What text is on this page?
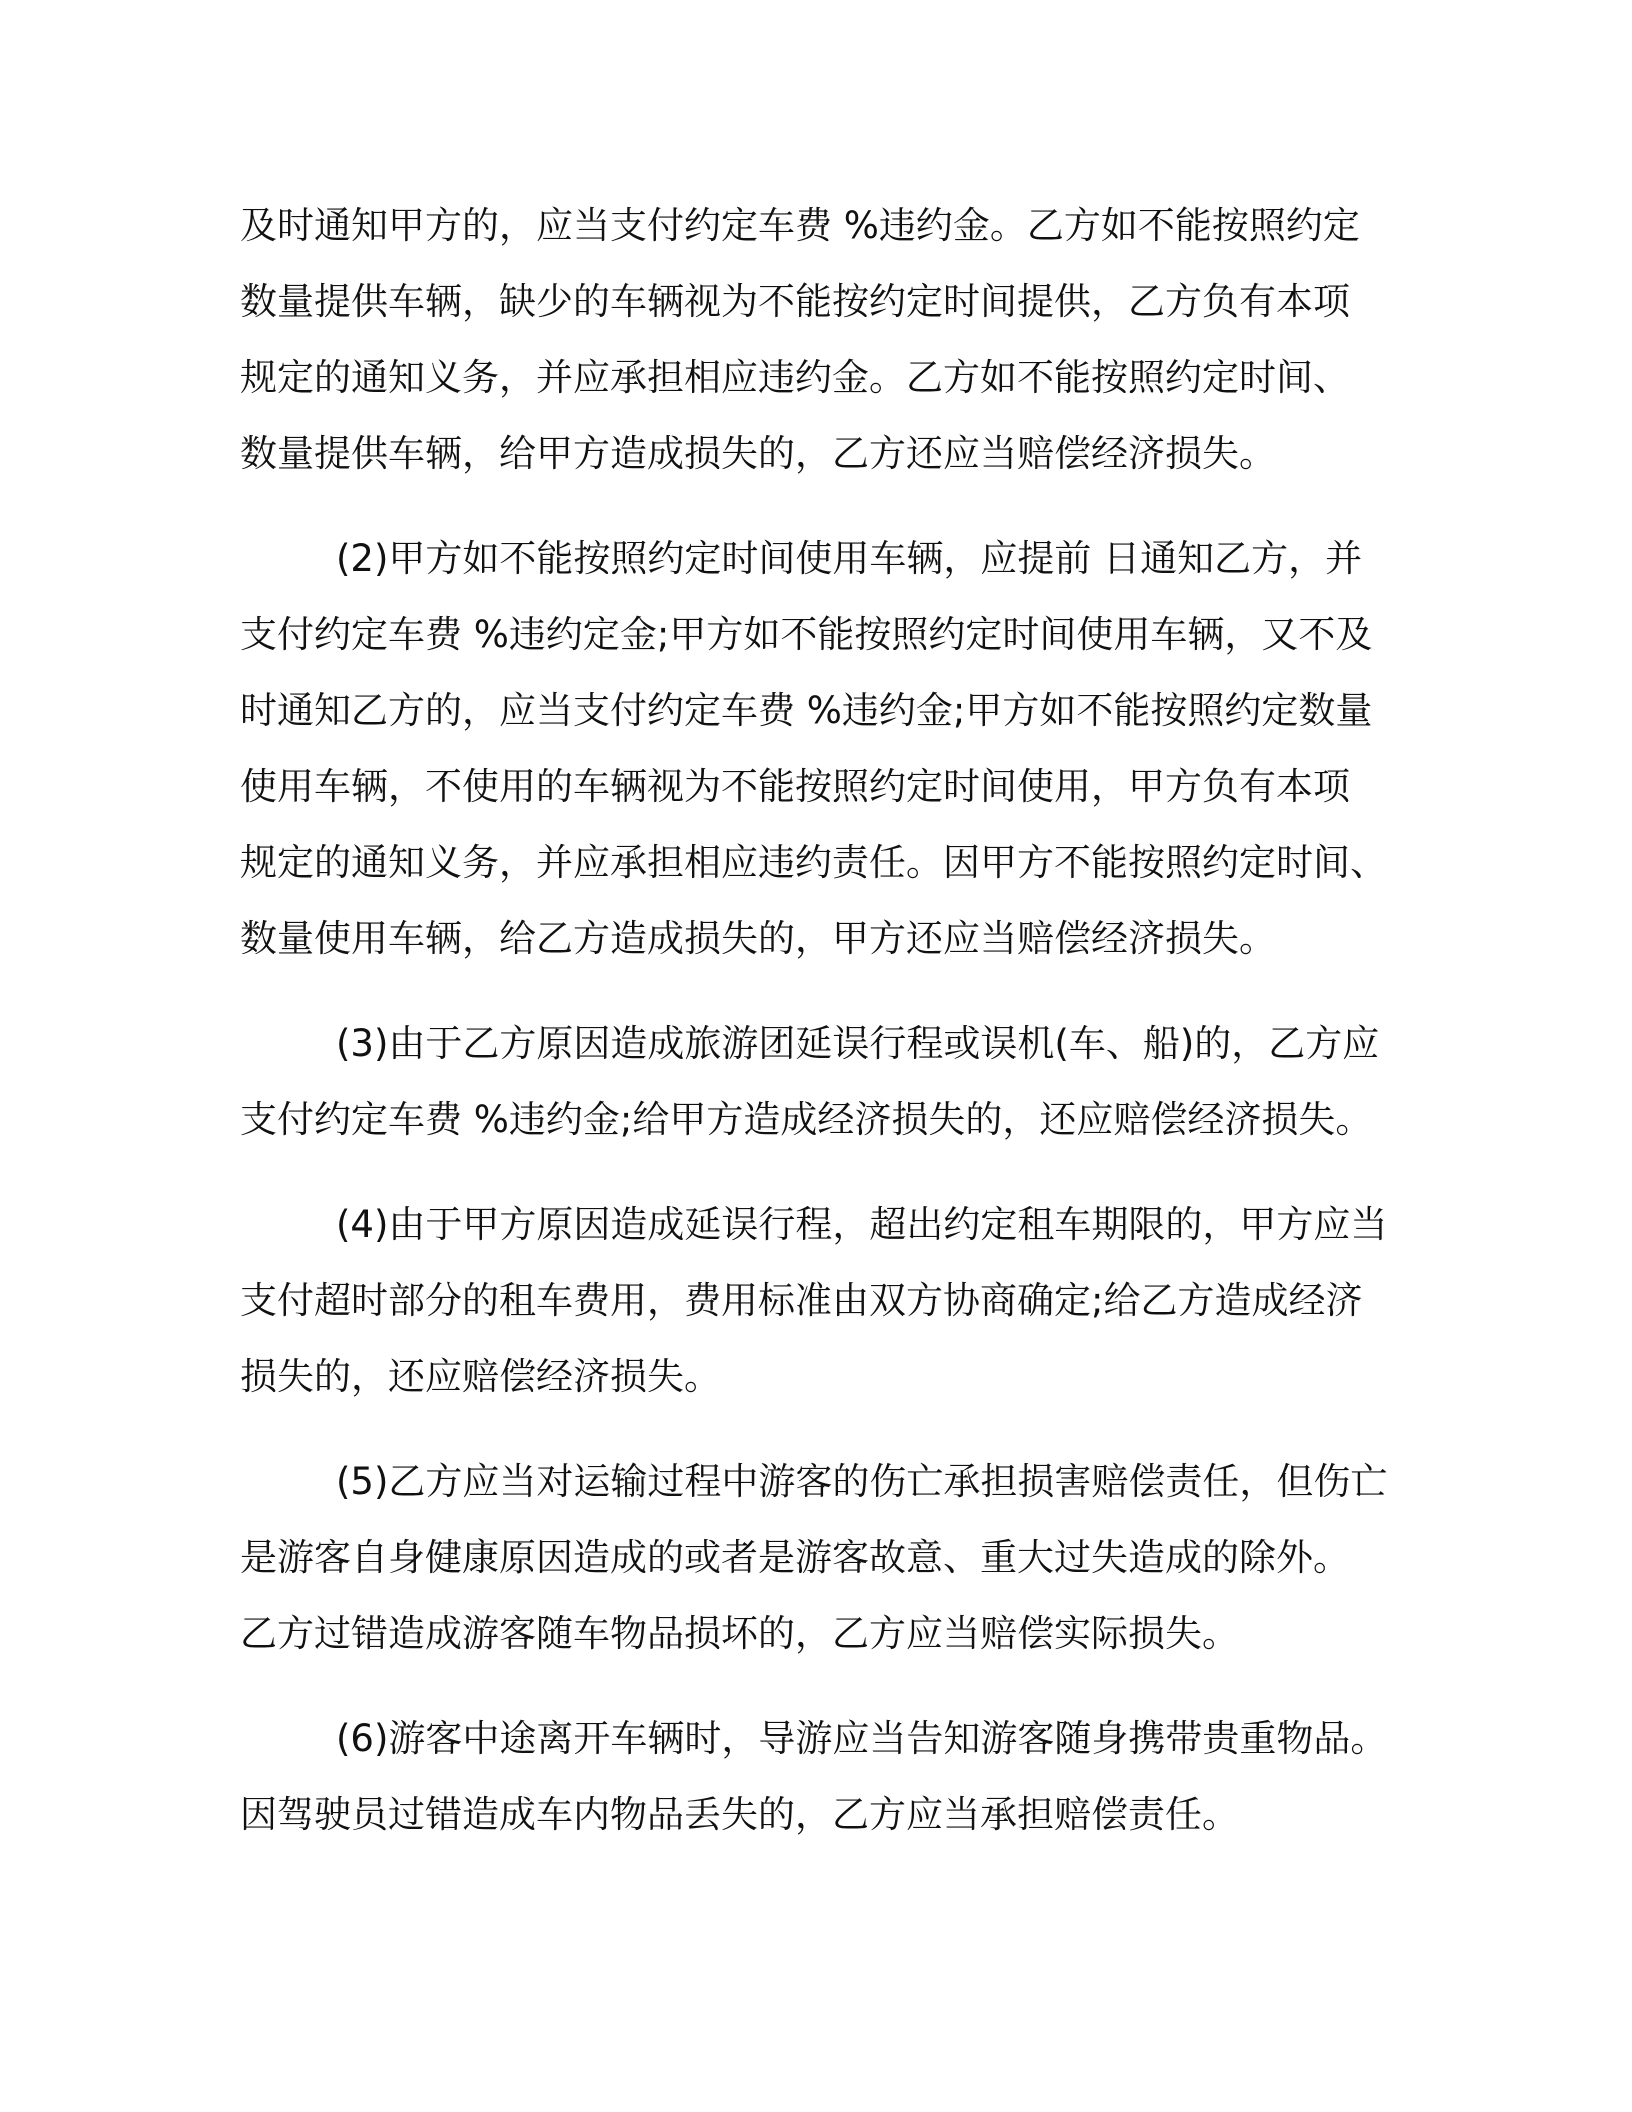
及时通知甲方的，应当支付约定车费 %违约金。乙方如不能按照约定
数量提供车辆，缺少的车辆视为不能按约定时间提供，乙方负有本项
规定的通知义务，并应承担相应违约金。乙方如不能按照约定时间、
数量提供车辆，给甲方造成损失的，乙方还应当赔偿经济损失。

(2)甲方如不能按照约定时间使用车辆，应提前 日通知乙方，并
支付约定车费 %违约定金;甲方如不能按照约定时间使用车辆，又不及
时通知乙方的，应当支付约定车费 %违约金;甲方如不能按照约定数量
使用车辆，不使用的车辆视为不能按照约定时间使用，甲方负有本项
规定的通知义务，并应承担相应违约责任。因甲方不能按照约定时间、
数量使用车辆，给乙方造成损失的，甲方还应当赔偿经济损失。

(3)由于乙方原因造成旅游团延误行程或误机(车、船)的，乙方应
支付约定车费 %违约金;给甲方造成经济损失的，还应赔偿经济损失。

(4)由于甲方原因造成延误行程，超出约定租车期限的，甲方应当
支付超时部分的租车费用，费用标准由双方协商确定;给乙方造成经济
损失的，还应赔偿经济损失。

(5)乙方应当对运输过程中游客的伤亡承担损害赔偿责任，但伤亡
是游客自身健康原因造成的或者是游客故意、重大过失造成的除外。
乙方过错造成游客随车物品损坏的，乙方应当赔偿实际损失。

(6)游客中途离开车辆时，导游应当告知游客随身携带贵重物品。
因驾驶员过错造成车内物品丢失的，乙方应当承担赔偿责任。
